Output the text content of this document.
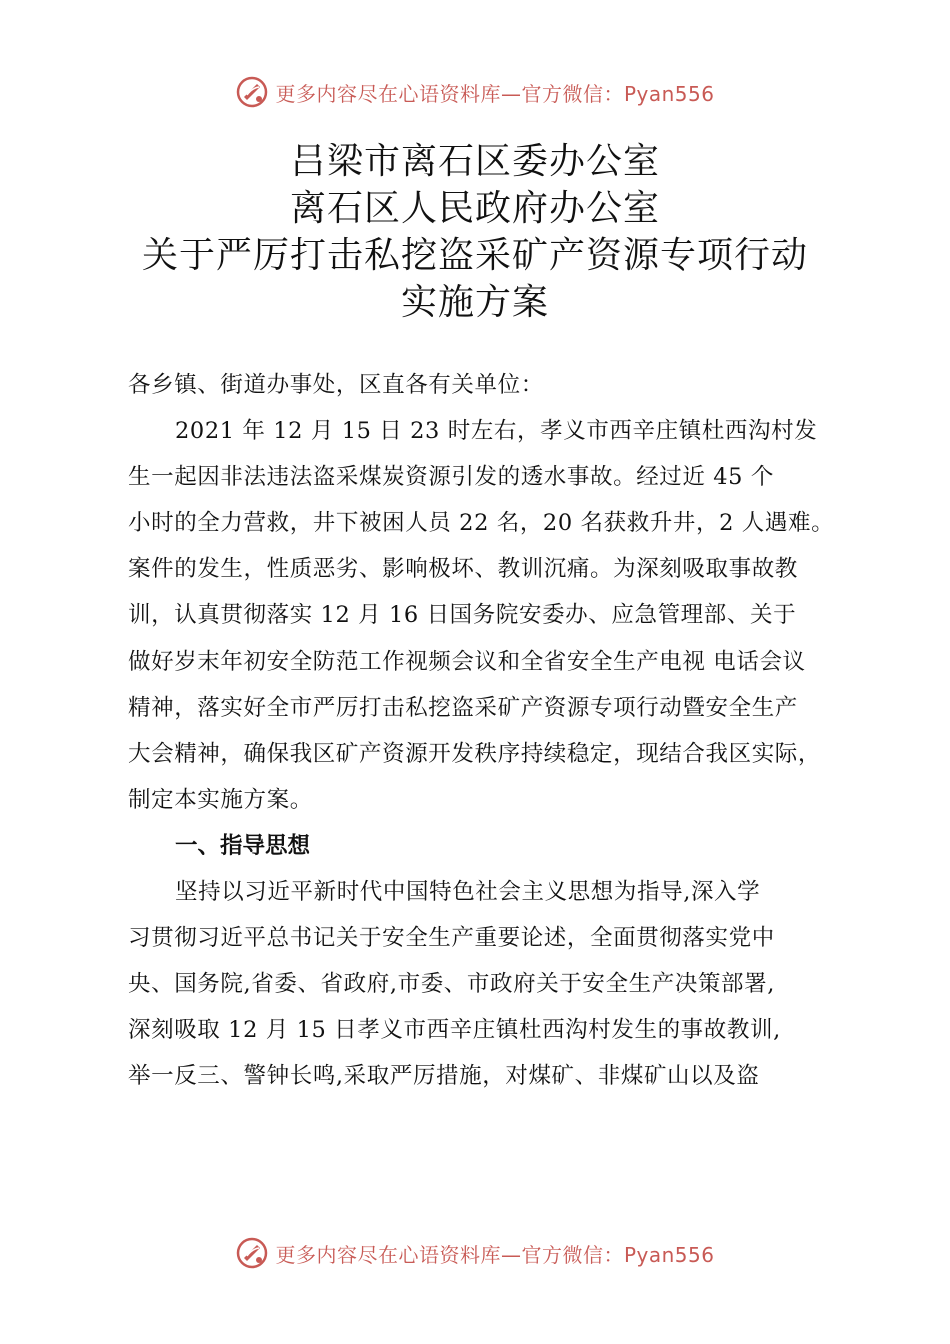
更多内容尽在心语资料库—官方微信：Pyan556
吕梁市离石区委办公室
离石区人民政府办公室
关于严厉打击私挖盗采矿产资源专项行动
实施方案
各乡镇、街道办事处，区直各有关单位：
2021 年 12 月 15 日 23 时左右，孝义市西辛庄镇杜西沟村发
生一起因非法违法盗采煤炭资源引发的透水事故。经过近 45 个
小时的全力营救，井下被困人员 22 名，20 名获救升井，2 人遇难。
案件的发生，性质恶劣、影响极坏、教训沉痛。为深刻吸取事故教
训，认真贯彻落实 12 月 16 日国务院安委办、应急管理部、关于
做好岁末年初安全防范工作视频会议和全省安全生产电视 电话会议
精神，落实好全市严厉打击私挖盗采矿产资源专项行动暨安全生产
大会精神，确保我区矿产资源开发秩序持续稳定，现结合我区实际，
制定本实施方案。
一、指导思想
坚持以习近平新时代中国特色社会主义思想为指导,深入学
习贯彻习近平总书记关于安全生产重要论述，全面贯彻落实党中
央、国务院,省委、省政府,市委、市政府关于安全生产决策部署,
深刻吸取 12 月 15 日孝义市西辛庄镇杜西沟村发生的事故教训,
举一反三、警钟长鸣,采取严厉措施，对煤矿、非煤矿山以及盗
更多内容尽在心语资料库—官方微信：Pyan556
